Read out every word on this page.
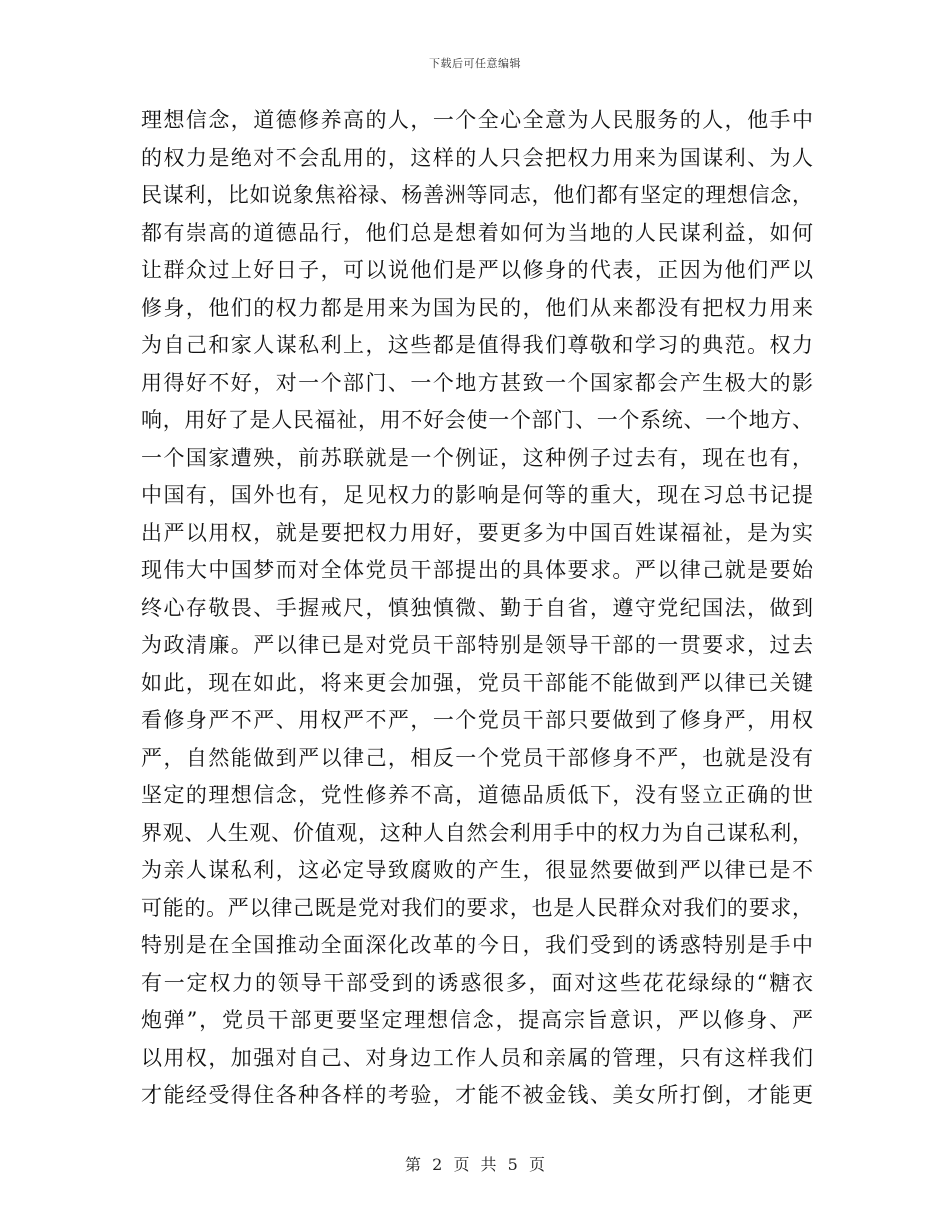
下载后可任意编辑
理想信念，道德修养高的人，一个全心全意为人民服务的人，他手中
的权力是绝对不会乱用的，这样的人只会把权力用来为国谋利、为人
民谋利，比如说象焦裕禄、杨善洲等同志，他们都有坚定的理想信念，
都有崇高的道德品行，他们总是想着如何为当地的人民谋利益，如何
让群众过上好日子，可以说他们是严以修身的代表，正因为他们严以
修身，他们的权力都是用来为国为民的，他们从来都没有把权力用来
为自己和家人谋私利上，这些都是值得我们尊敬和学习的典范。权力
用得好不好，对一个部门、一个地方甚致一个国家都会产生极大的影
响，用好了是人民福祉，用不好会使一个部门、一个系统、一个地方、
一个国家遭殃，前苏联就是一个例证，这种例子过去有，现在也有，
中国有，国外也有，足见权力的影响是何等的重大，现在习总书记提
出严以用权，就是要把权力用好，要更多为中国百姓谋福祉，是为实
现伟大中国梦而对全体党员干部提出的具体要求。严以律己就是要始
终心存敬畏、手握戒尺，慎独慎微、勤于自省，遵守党纪国法，做到
为政清廉。严以律已是对党员干部特别是领导干部的一贯要求，过去
如此，现在如此，将来更会加强，党员干部能不能做到严以律已关键
看修身严不严、用权严不严，一个党员干部只要做到了修身严，用权
严，自然能做到严以律己，相反一个党员干部修身不严，也就是没有
坚定的理想信念，党性修养不高，道德品质低下，没有竖立正确的世
界观、人生观、价值观，这种人自然会利用手中的权力为自己谋私利，
为亲人谋私利，这必定导致腐败的产生，很显然要做到严以律已是不
可能的。严以律己既是党对我们的要求，也是人民群众对我们的要求，
特别是在全国推动全面深化改革的今日，我们受到的诱惑特别是手中
有一定权力的领导干部受到的诱惑很多，面对这些花花绿绿的“糖衣
炮弹”，党员干部更要坚定理想信念，提高宗旨意识，严以修身、严
以用权，加强对自己、对身边工作人员和亲属的管理，只有这样我们
才能经受得住各种各样的考验，才能不被金钱、美女所打倒，才能更
第 2 页 共 5 页
